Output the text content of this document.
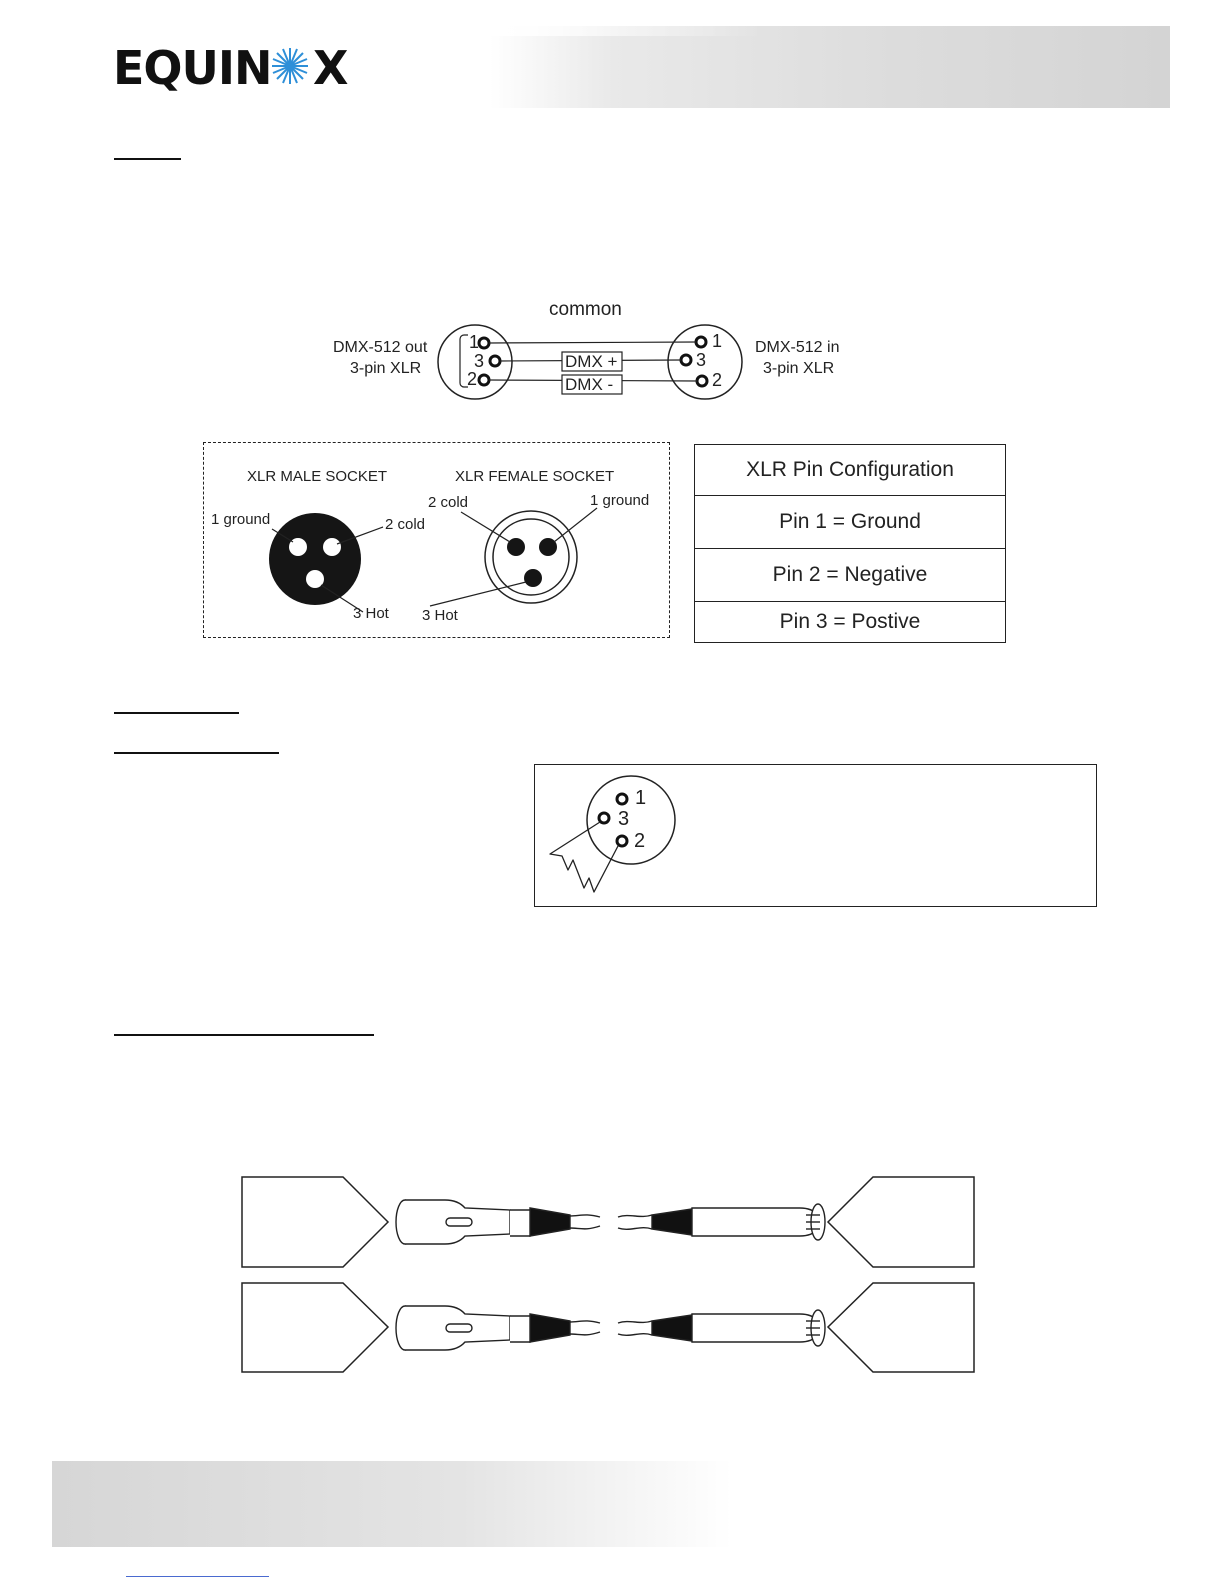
EQUIN X
common
DMX-512 out
3-pin XLR
DMX-512 in
3-pin XLR
1
3
2
1
3
2
DMX +
DMX -
XLR MALE SOCKET	XLR FEMALE SOCKET
1 ground	2 cold
3 Hot
2 cold	1 ground
3 Hot
XLR Pin Configuration
Pin 1 = Ground
Pin 2 = Negative
Pin 3 = Postive
1
3
2
